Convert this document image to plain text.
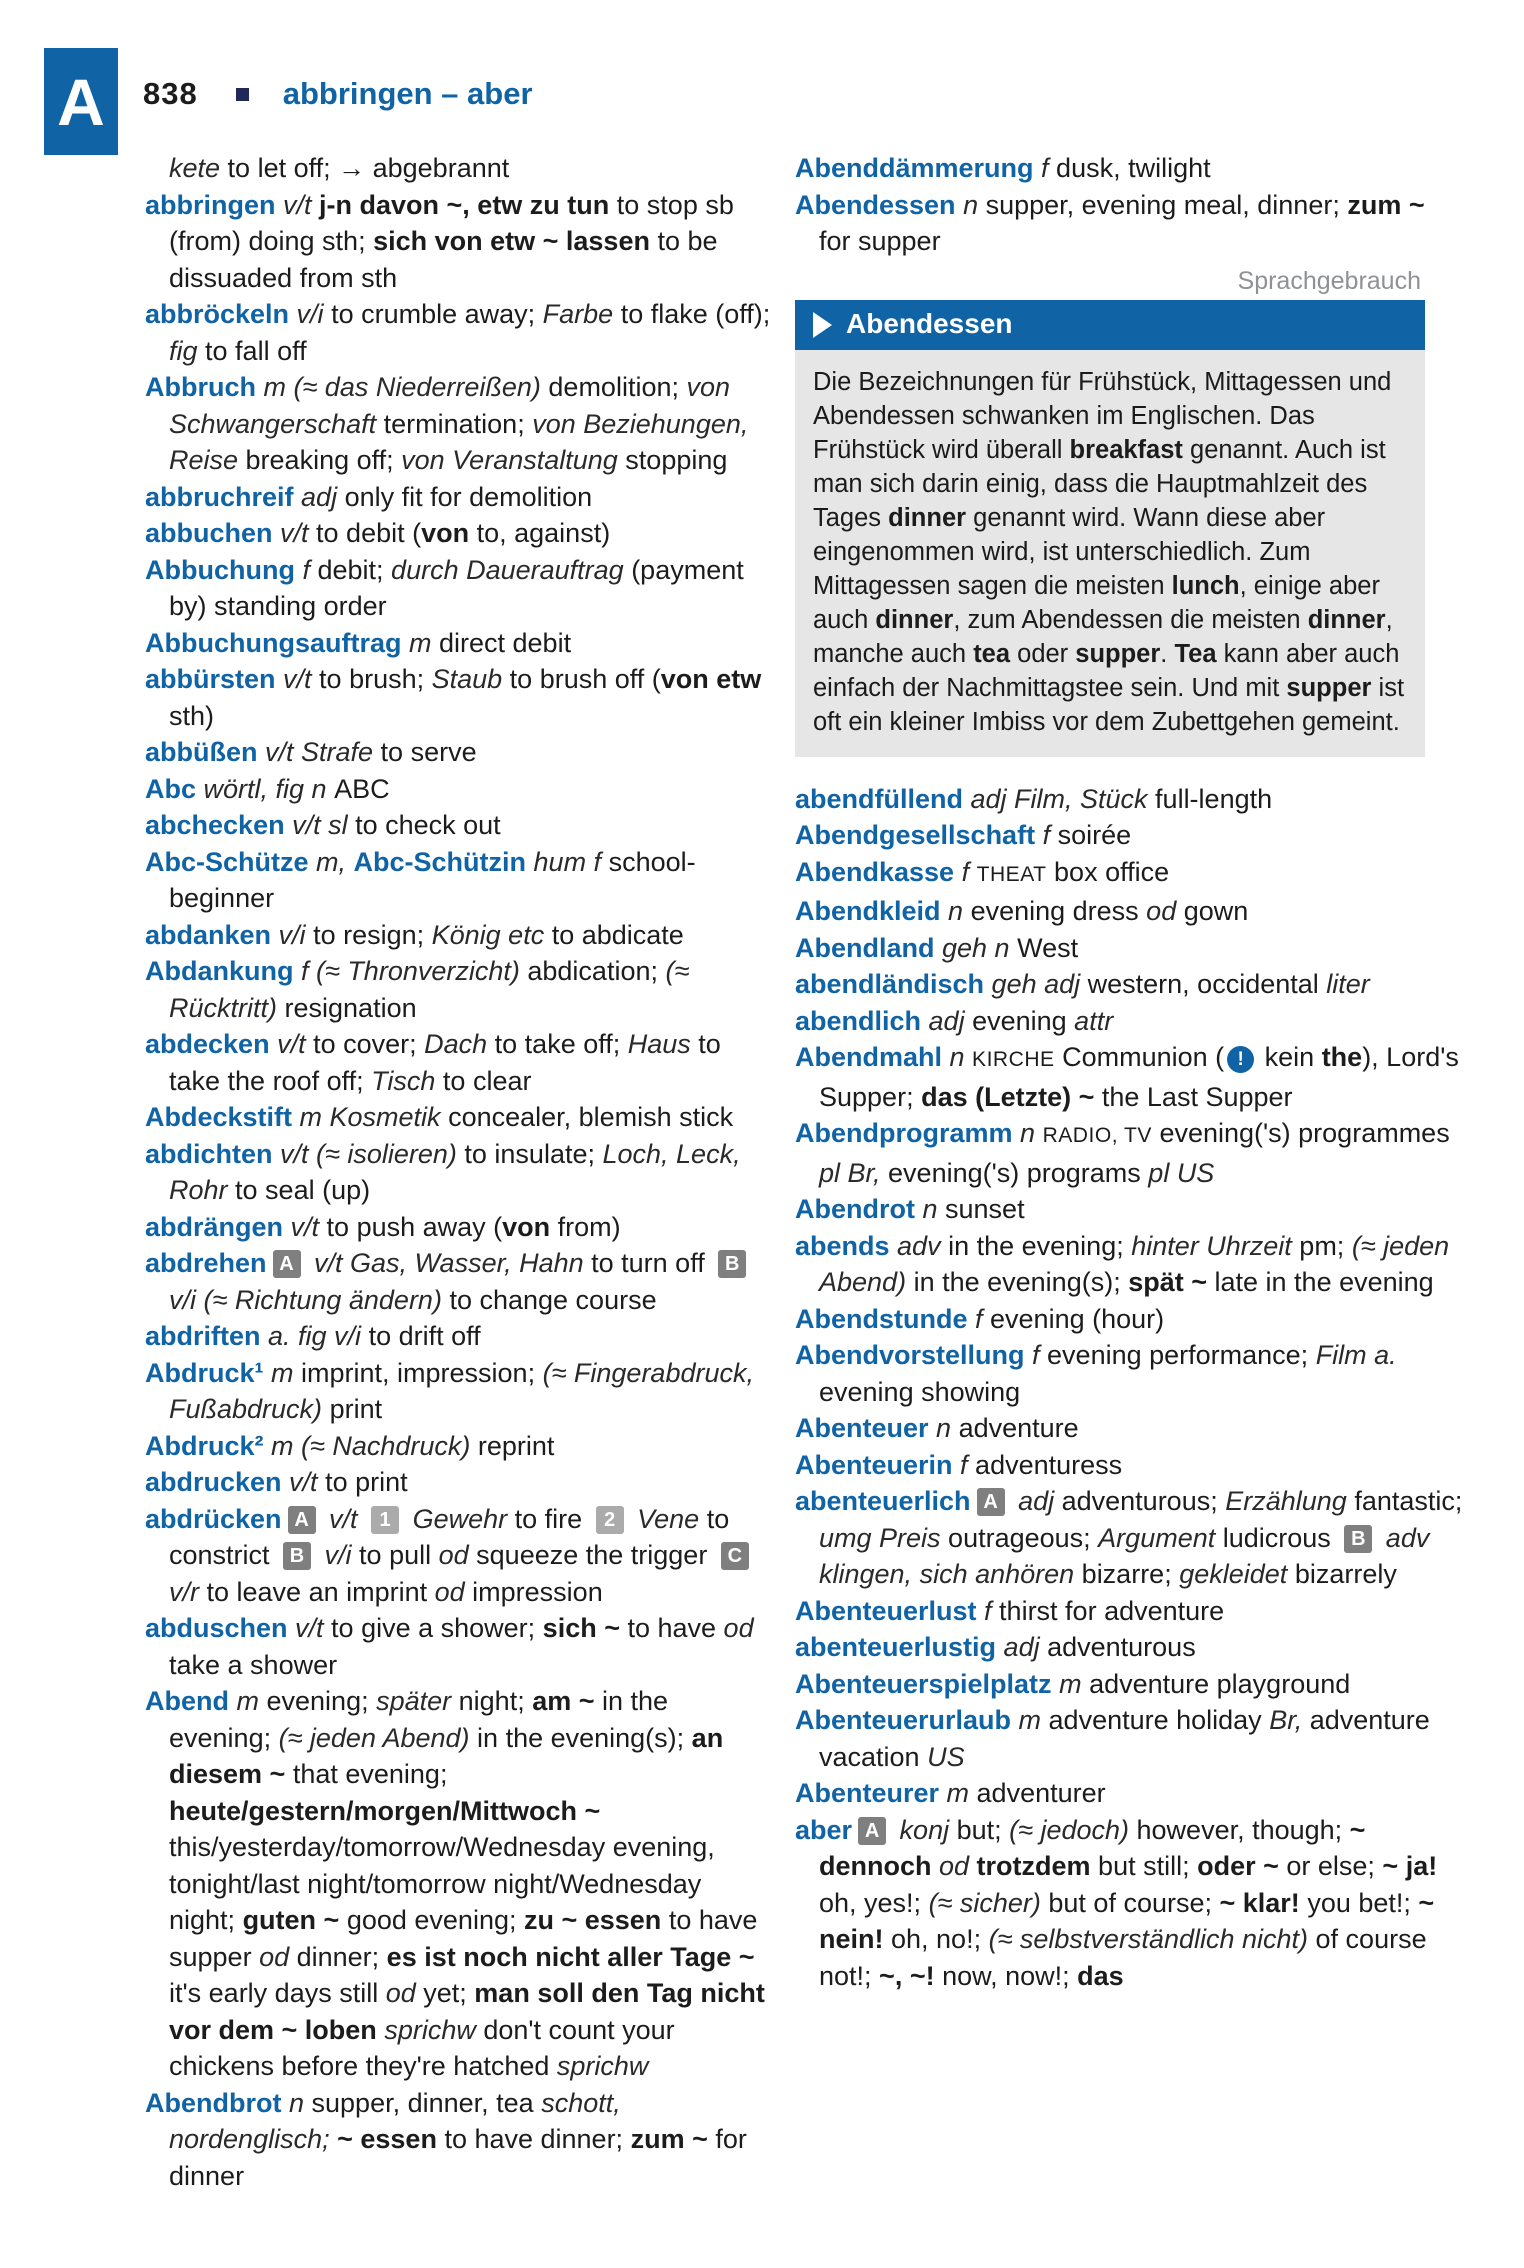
A 838	abbringen – aber
kete to let off; → abgebrannt
abbringen v/t j-n davon ~, etw zu tun to stop sb (from) doing sth; sich von etw ~ lassen to be dissuaded from sth
abbröckeln v/i to crumble away; Farbe to flake (off); fig to fall off
Abbruch m (≈ das Niederreißen) demolition; von Schwangerschaft termination; von Beziehungen, Reise breaking off; von Veranstaltung stopping
abbruchreif adj only fit for demolition
abbuchen v/t to debit (von to, against)
Abbuchung f debit; durch Dauerauftrag (payment by) standing order
Abbuchungsauftrag m direct debit
abbürsten v/t to brush; Staub to brush off (von etw sth)
abbüßen v/t Strafe to serve
Abc wörtl, fig n ABC
abchecken v/t sl to check out
Abc-Schütze m, Abc-Schützin hum f school-beginner
abdanken v/i to resign; König etc to abdicate
Abdankung f (≈ Thronverzicht) abdication; (≈ Rücktritt) resignation
abdecken v/t to cover; Dach to take off; Haus to take the roof off; Tisch to clear
Abdeckstift m Kosmetik concealer, blemish stick
abdichten v/t (≈ isolieren) to insulate; Loch, Leck, Rohr to seal (up)
abdrängen v/t to push away (von from)
abdrehen A v/t Gas, Wasser, Hahn to turn off B v/i (≈ Richtung ändern) to change course
abdriften a. fig v/i to drift off
Abdruck¹ m imprint, impression; (≈ Fingerabdruck, Fußabdruck) print
Abdruck² m (≈ Nachdruck) reprint
abdrucken v/t to print
abdrücken A v/t 1 Gewehr to fire 2 Vene to constrict B v/i to pull od squeeze the trigger C v/r to leave an imprint od impression
abduschen v/t to give a shower; sich ~ to have od take a shower
Abend m evening; später night; am ~ in the evening; (≈ jeden Abend) in the evening(s); an diesem ~ that evening; heute/gestern/morgen/Mittwoch ~ this/yesterday/tomorrow/Wednesday evening, tonight/last night/tomorrow night/Wednesday night; guten ~ good evening; zu ~ essen to have supper od dinner; es ist noch nicht aller Tage ~ it's early days still od yet; man soll den Tag nicht vor dem ~ loben sprichw don't count your chickens before they're hatched sprichw
Abendbrot n supper, dinner, tea schott, nordenglisch; ~ essen to have dinner; zum ~ for dinner
Abenddämmerung f dusk, twilight
Abendessen n supper, evening meal, dinner; zum ~ for supper
Sprachgebrauch
Abendessen
Die Bezeichnungen für Frühstück, Mittagessen und Abendessen schwanken im Englischen. Das Frühstück wird überall breakfast genannt. Auch ist man sich darin einig, dass die Hauptmahlzeit des Tages dinner genannt wird. Wann diese aber eingenommen wird, ist unterschiedlich. Zum Mittagessen sagen die meisten lunch, einige aber auch dinner, zum Abendessen die meisten dinner, manche auch tea oder supper. Tea kann aber auch einfach der Nachmittagstee sein. Und mit supper ist oft ein kleiner Imbiss vor dem Zubettgehen gemeint.
abendfüllend adj Film, Stück full-length
Abendgesellschaft f soirée
Abendkasse f THEAT box office
Abendkleid n evening dress od gown
Abendland geh n West
abendländisch geh adj western, occidental liter
abendlich adj evening attr
Abendmahl n KIRCHE Communion ( ! kein the), Lord's Supper; das (Letzte) ~ the Last Supper
Abendprogramm n RADIO, TV evening('s) programmes pl Br, evening('s) programs pl US
Abendrot n sunset
abends adv in the evening; hinter Uhrzeit pm; (≈ jeden Abend) in the evening(s); spät ~ late in the evening
Abendstunde f evening (hour)
Abendvorstellung f evening performance; Film a. evening showing
Abenteuer n adventure
Abenteuerin f adventuress
abenteuerlich A adj adventurous; Erzählung fantastic; umg Preis outrageous; Argument ludicrous B adv klingen, sich anhören bizarre; gekleidet bizarrely
Abenteuerlust f thirst for adventure
abenteuerlustig adj adventurous
Abenteuerspielplatz m adventure playground
Abenteuerurlaub m adventure holiday Br, adventure vacation US
Abenteurer m adventurer
aber A konj but; (≈ jedoch) however, though; ~ dennoch od trotzdem but still; oder ~ or else; ~ ja! oh, yes!; (≈ sicher) but of course; ~ klar! you bet!; ~ nein! oh, no!; (≈ selbstverständlich nicht) of course not!; ~, ~! now, now!; das
